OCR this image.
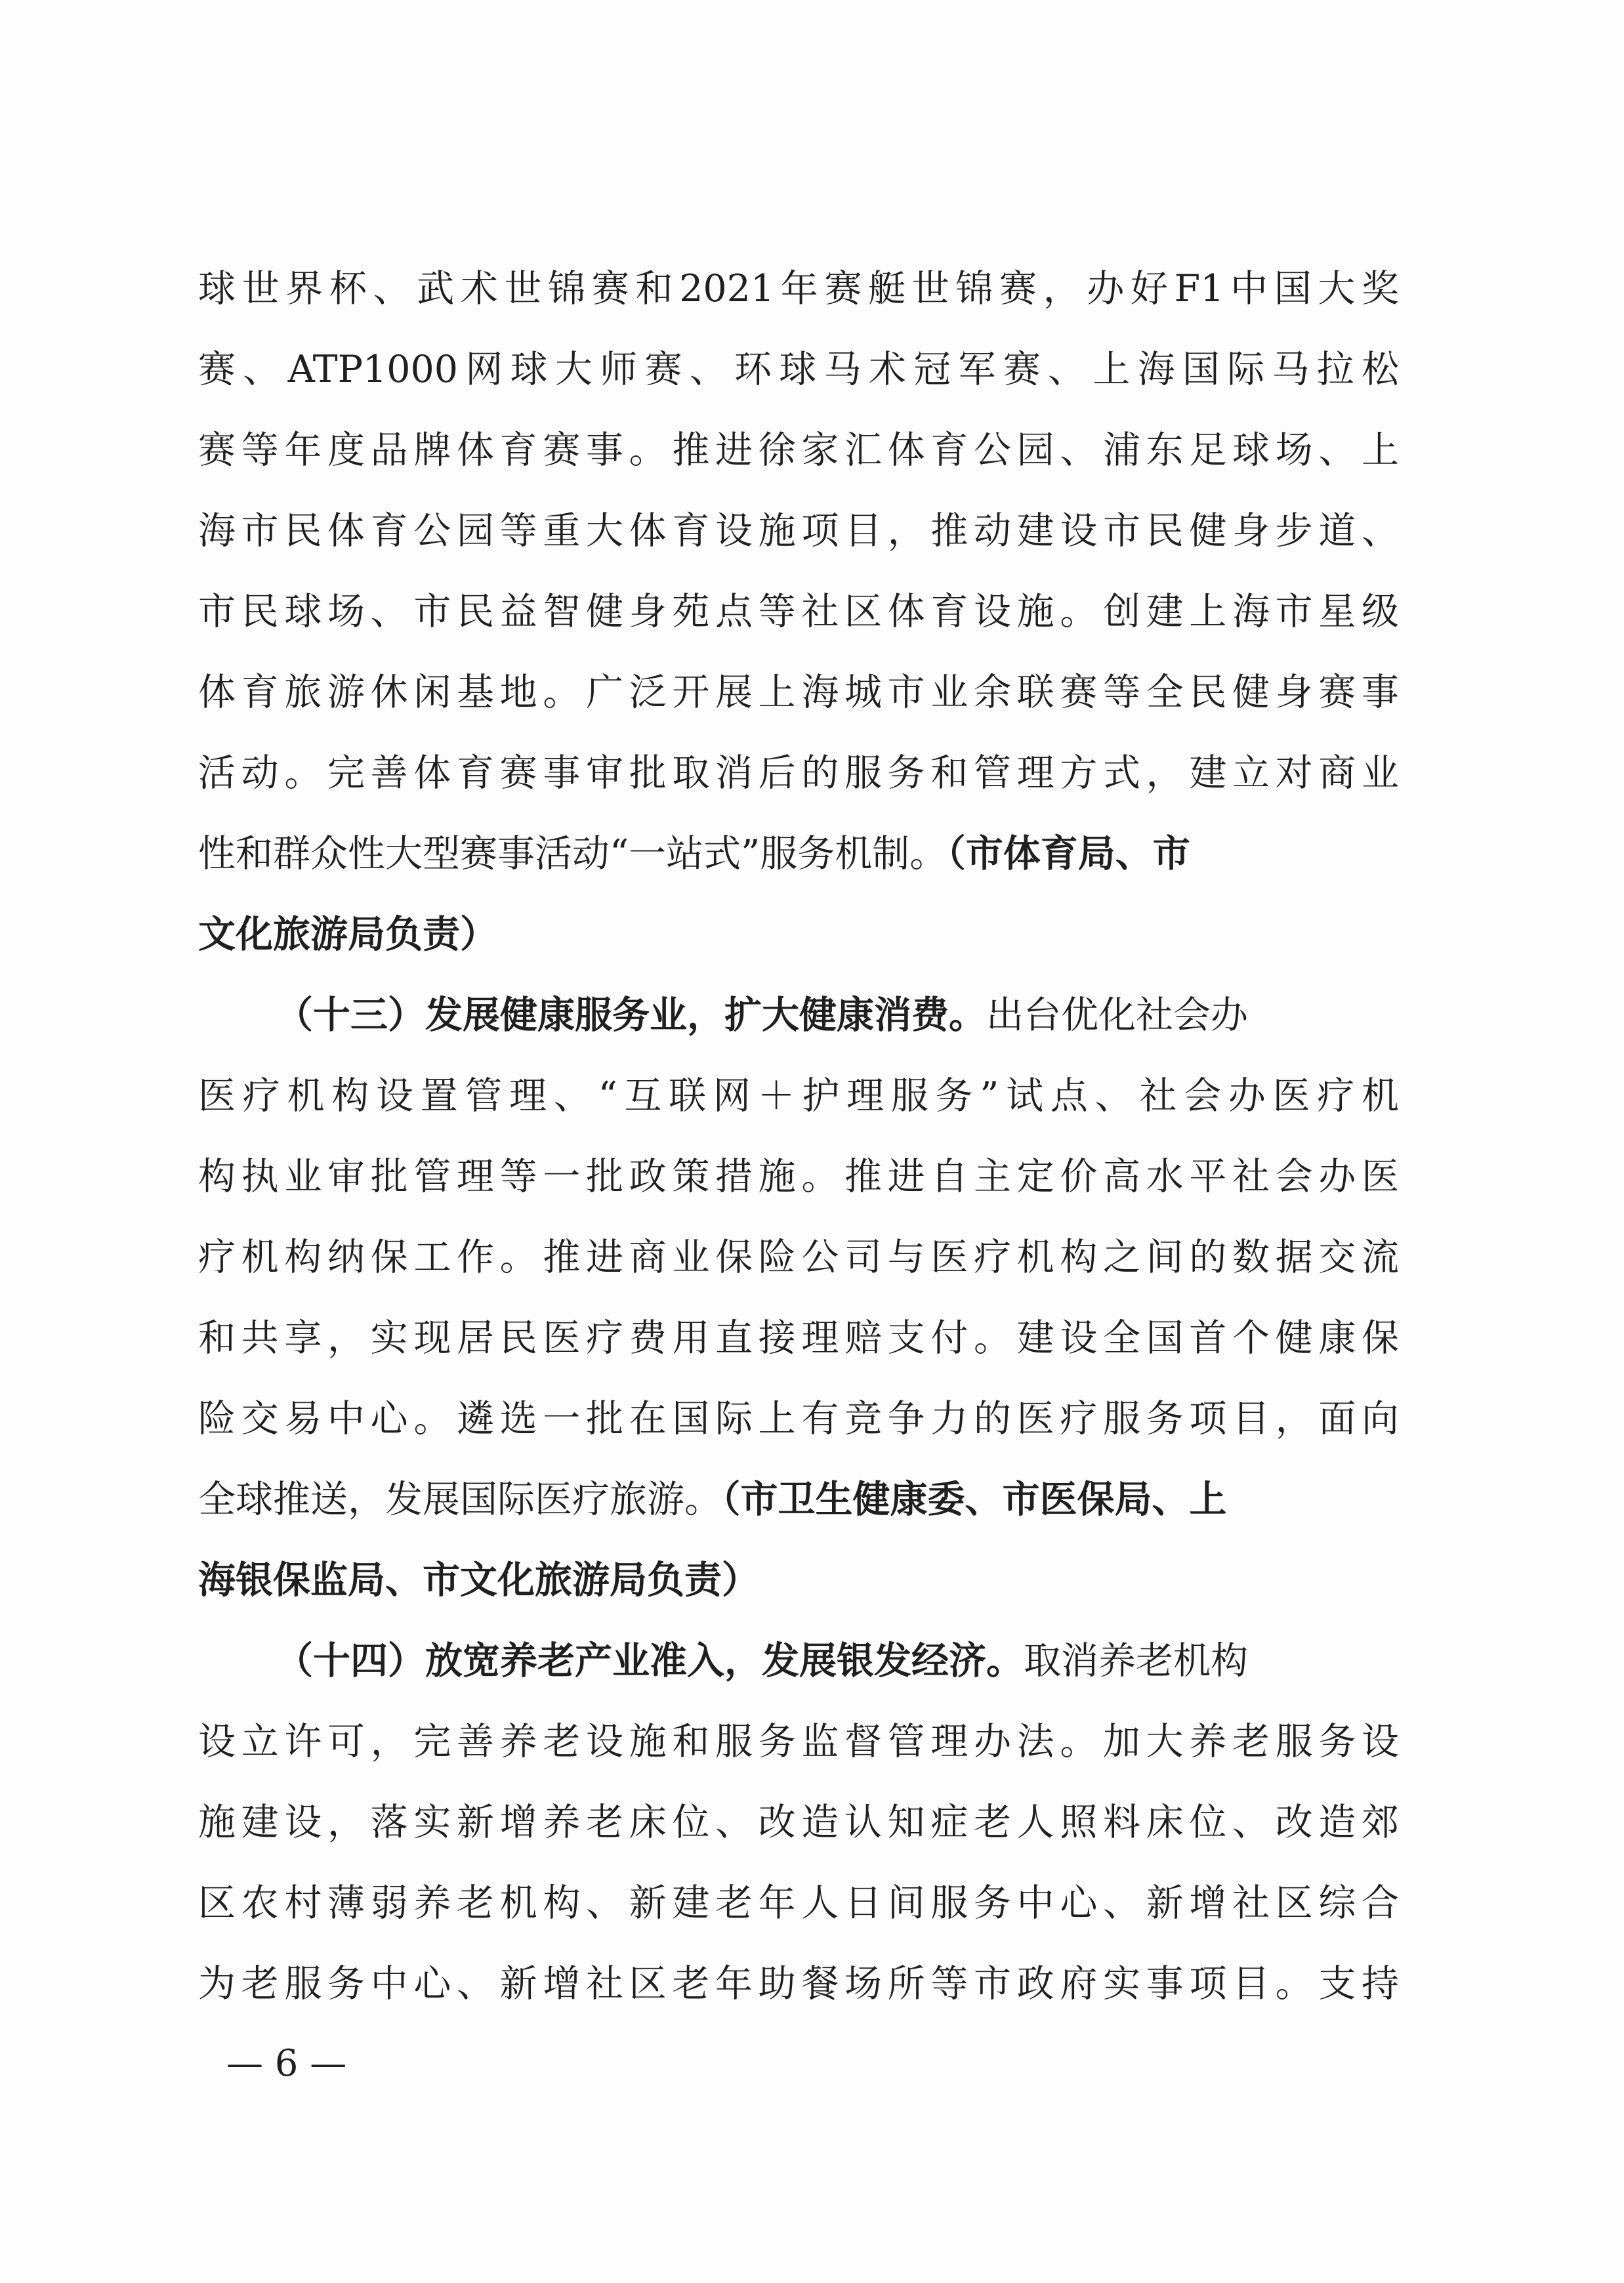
球世界杯、武术世锦赛和2021年赛艇世锦赛，办好F1中国大奖
赛、ATP1000网球大师赛、环球马术冠军赛、上海国际马拉松
赛等年度品牌体育赛事。推进徐家汇体育公园、浦东足球场、上
海市民体育公园等重大体育设施项目，推动建设市民健身步道、
市民球场、市民益智健身苑点等社区体育设施。创建上海市星级
体育旅游休闲基地。广泛开展上海城市业余联赛等全民健身赛事
活动。完善体育赛事审批取消后的服务和管理方式，建立对商业
性和群众性大型赛事活动“一站式”服务机制。（市体育局、市
文化旅游局负责）
（十三）发展健康服务业，扩大健康消费。出台优化社会办
医疗机构设置管理、“互联网＋护理服务”试点、社会办医疗机
构执业审批管理等一批政策措施。推进自主定价高水平社会办医
疗机构纳保工作。推进商业保险公司与医疗机构之间的数据交流
和共享，实现居民医疗费用直接理赔支付。建设全国首个健康保
险交易中心。遴选一批在国际上有竞争力的医疗服务项目，面向
全球推送，发展国际医疗旅游。（市卫生健康委、市医保局、上
海银保监局、市文化旅游局负责）
（十四）放宽养老产业准入，发展银发经济。取消养老机构
设立许可，完善养老设施和服务监督管理办法。加大养老服务设
施建设，落实新增养老床位、改造认知症老人照料床位、改造郊
区农村薄弱养老机构、新建老年人日间服务中心、新增社区综合
为老服务中心、新增社区老年助餐场所等市政府实事项目。支持
— 6 —
